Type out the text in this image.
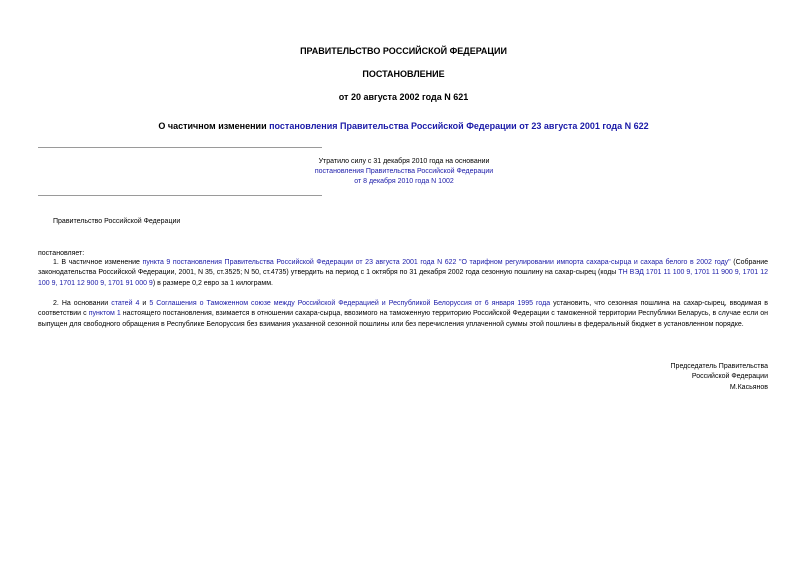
ПРАВИТЕЛЬСТВО РОССИЙСКОЙ ФЕДЕРАЦИИ
ПОСТАНОВЛЕНИЕ
от 20 августа 2002 года N 621
О частичном изменении постановления Правительства Российской Федерации от 23 августа 2001 года N 622
Утратило силу с 31 декабря 2010 года на основании
постановления Правительства Российской Федерации
от 8 декабря 2010 года N 1002
Правительство Российской Федерации
постановляет:

1. В частичное изменение пункта 9 постановления Правительства Российской Федерации от 23 августа 2001 года N 622 "О тарифном регулировании импорта сахара-сырца и сахара белого в 2002 году" (Собрание законодательства Российской Федерации, 2001, N 35, ст.3525; N 50, ст.4735) утвердить на период с 1 октября по 31 декабря 2002 года сезонную пошлину на сахар-сырец (коды ТН ВЭД 1701 11 100 9, 1701 11 900 9, 1701 12 100 9, 1701 12 900 9, 1701 91 000 9) в размере 0,2 евро за 1 килограмм.

2. На основании статей 4 и 5 Соглашения о Таможенном союзе между Российской Федерацией и Республикой Белоруссия от 6 января 1995 года установить, что сезонная пошлина на сахар-сырец, вводимая в соответствии с пунктом 1 настоящего постановления, взимается в отношении сахара-сырца, ввозимого на таможенную территорию Российской Федерации с таможенной территории Республики Беларусь, в случае если он выпущен для свободного обращения в Республике Белоруссия без взимания указанной сезонной пошлины или без перечисления уплаченной суммы этой пошлины в федеральный бюджет в установленном порядке.

Председатель Правительства
Российской Федерации
М.Касьянов
